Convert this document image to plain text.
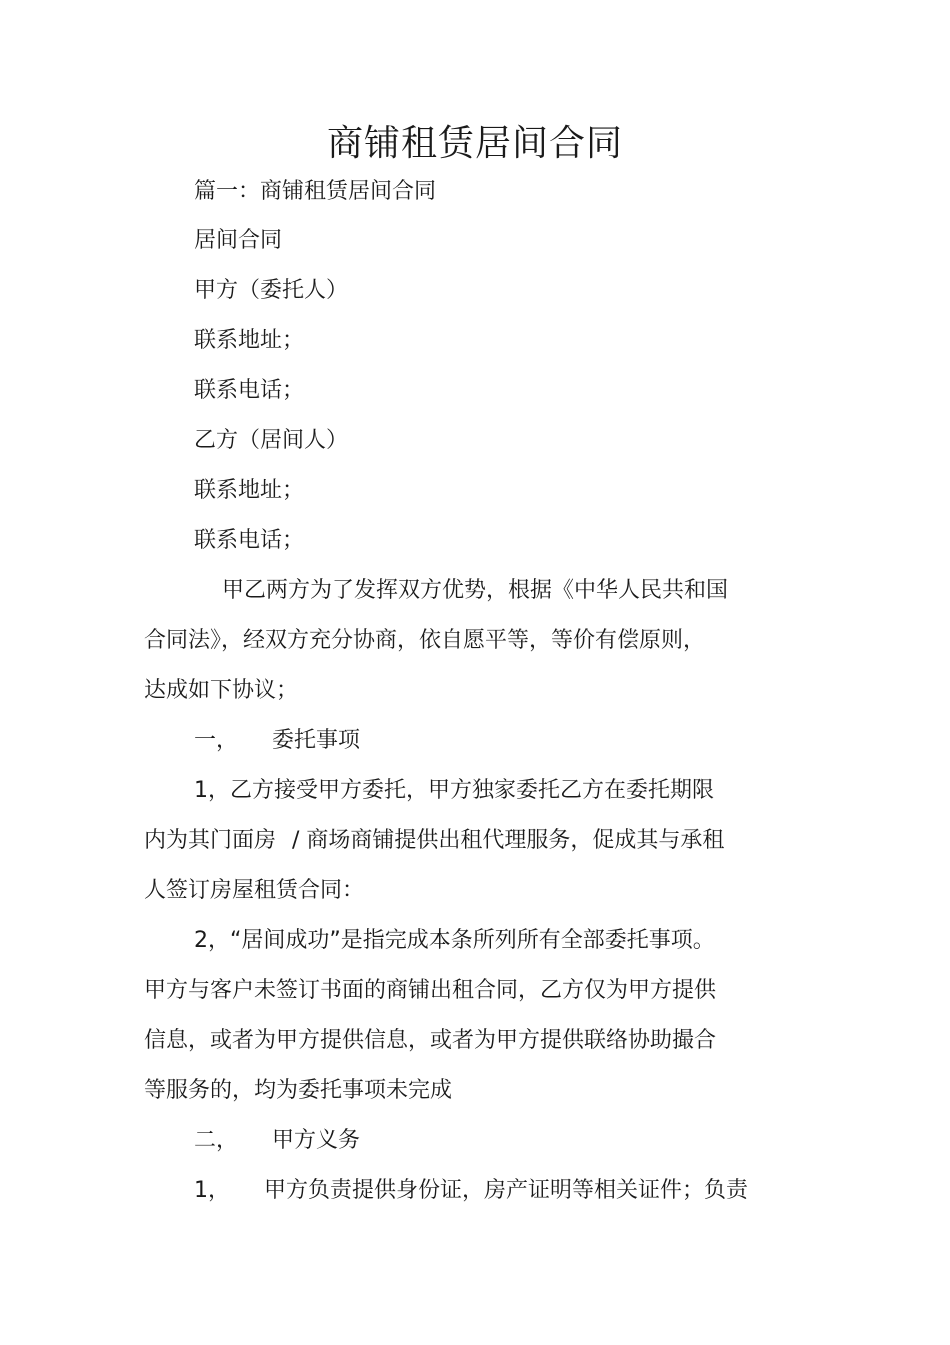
商铺租赁居间合同
篇一：商铺租赁居间合同
居间合同
甲方（委托人）
联系地址；
联系电话；
乙方（居间人）
联系地址；
联系电话；
甲乙两方为了发挥双方优势，根据《中华人民共和国
合同法》，经双方充分协商，依自愿平等，等价有偿原则，
达成如下协议；
一， 委托事项
1，乙方接受甲方委托，甲方独家委托乙方在委托期限
内为其门面房 / 商场商铺提供出租代理服务，促成其与承租
人签订房屋租赁合同：
2，“居间成功”是指完成本条所列所有全部委托事项。
甲方与客户未签订书面的商铺出租合同，乙方仅为甲方提供
信息，或者为甲方提供信息，或者为甲方提供联络协助撮合
等服务的，均为委托事项未完成
二， 甲方义务
1， 甲方负责提供身份证，房产证明等相关证件；负责
